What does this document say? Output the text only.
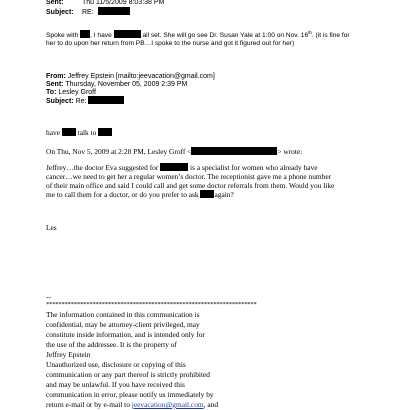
Sent:	Thu 11/5/2009 8:03:38 PM
Subject: RE:
Spoke with . I have	all set. She will go see Dr. Susan Yale at 1:00 on Nov. 16th. (it is fine for
her to do upon her return from PB…I spoke to the nurse and got it figured out for her)
From: Jeffrey Epstein [mailto:jeevacation@gmail.com]
Sent: Thursday, November 05, 2009 2:39 PM
To: Lesley Groff
Subject: Re:
have talk to
On Thu, Nov 5, 2009 at 2:28 PM, Lesley Groff <	> wrote:
Jeffrey…the doctor Eva suggested for	is a specialist for women who already have
cancer…we need to get her a regular women’s doctor. The receptionist gave me a phone number
of their main office and said I could call and get some doctor referrals from them. Would you like
me to call them for a doctor, or do you prefer to ask again?
Les
--
********************************************************************
The information contained in this communication is
confidential, may be attorney-client privileged, may
constitute inside information, and is intended only for
the use of the addressee. It is the property of
Jeffrey Epstein
Unauthorized use, disclosure or copying of this
communication or any part thereof is strictly prohibited
and may be unlawful. If you have received this
communication in error, please notify us immediately by
return e-mail or by e-mail to jeevacation@gmail.com, and
